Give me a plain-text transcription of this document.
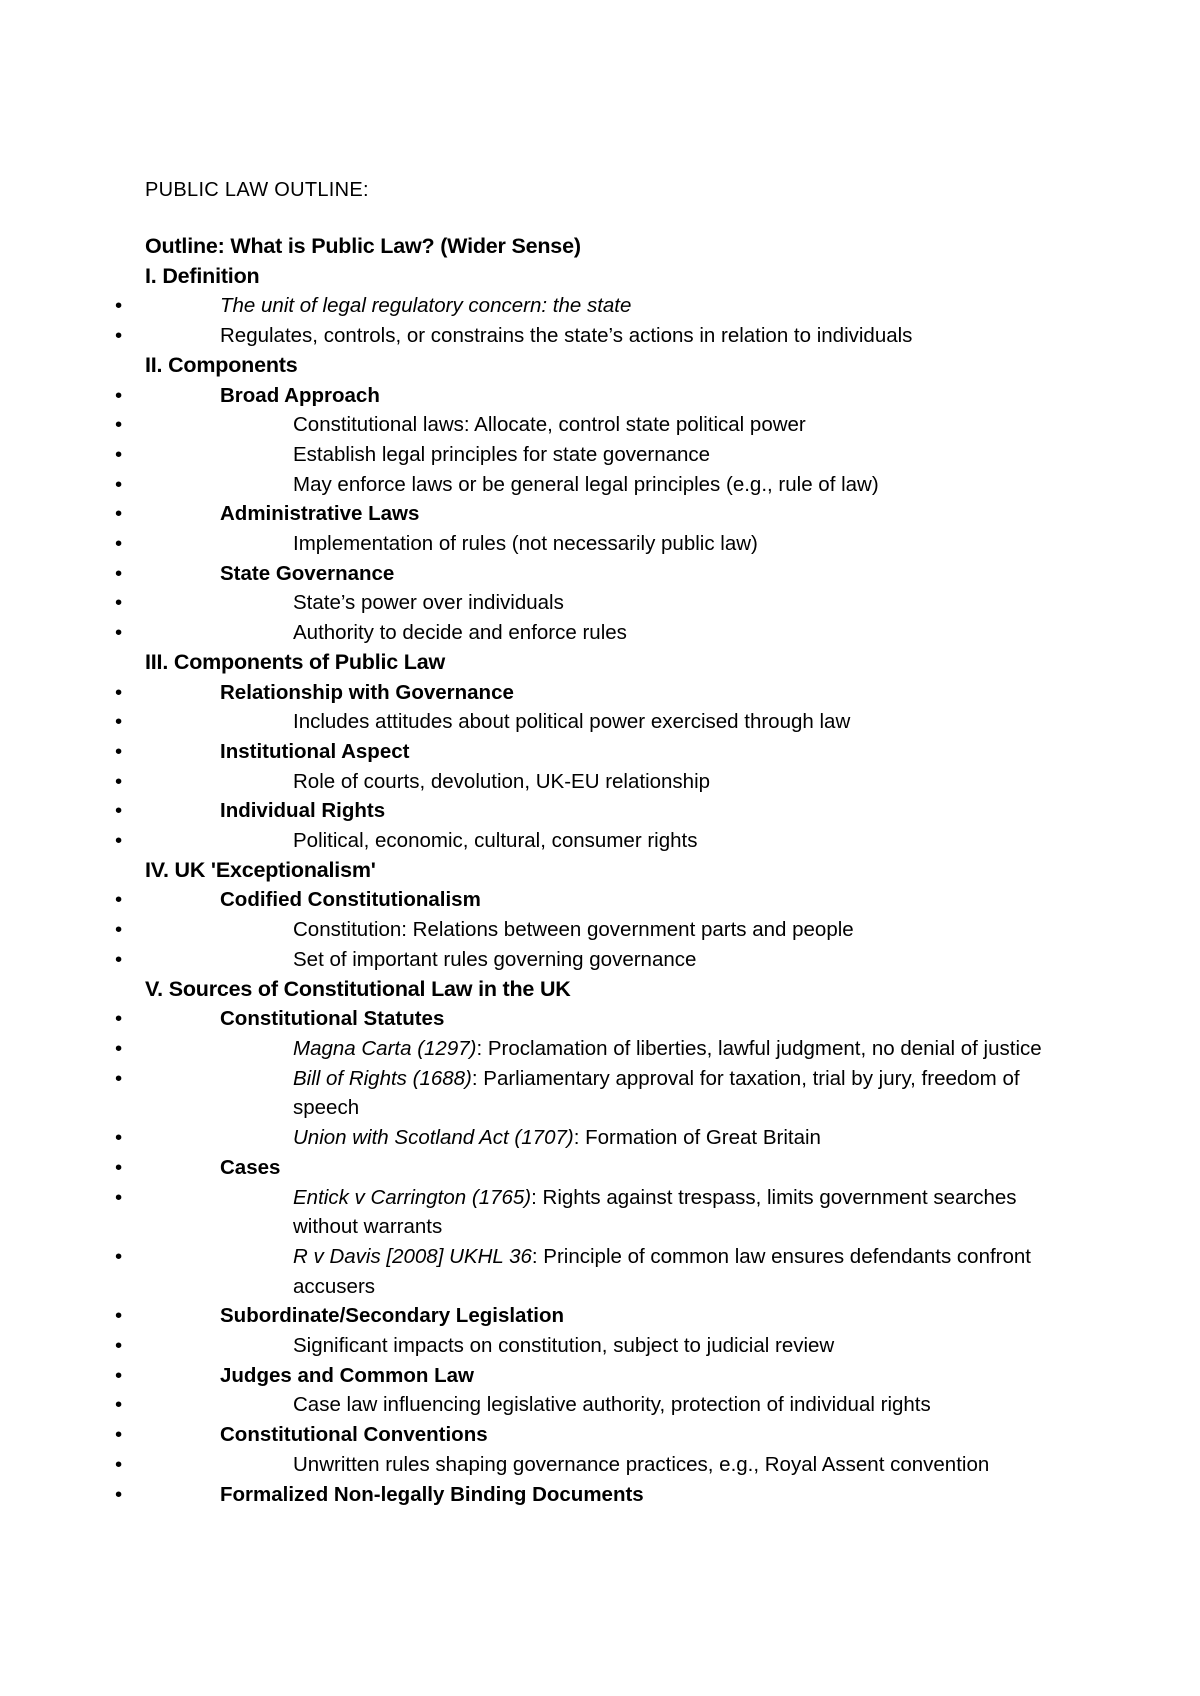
PUBLIC LAW OUTLINE:
Outline: What is Public Law? (Wider Sense)
I. Definition
• The unit of legal regulatory concern: the state
• Regulates, controls, or constrains the state’s actions in relation to individuals
II. Components
• Broad Approach
• Constitutional laws: Allocate, control state political power
• Establish legal principles for state governance
• May enforce laws or be general legal principles (e.g., rule of law)
• Administrative Laws
• Implementation of rules (not necessarily public law)
• State Governance
• State’s power over individuals
• Authority to decide and enforce rules
III. Components of Public Law
• Relationship with Governance
• Includes attitudes about political power exercised through law
• Institutional Aspect
• Role of courts, devolution, UK-EU relationship
• Individual Rights
• Political, economic, cultural, consumer rights
IV. UK 'Exceptionalism'
• Codified Constitutionalism
• Constitution: Relations between government parts and people
• Set of important rules governing governance
V. Sources of Constitutional Law in the UK
• Constitutional Statutes
• Magna Carta (1297): Proclamation of liberties, lawful judgment, no denial of justice
• Bill of Rights (1688): Parliamentary approval for taxation, trial by jury, freedom of speech
• Union with Scotland Act (1707): Formation of Great Britain
• Cases
• Entick v Carrington (1765): Rights against trespass, limits government searches without warrants
• R v Davis [2008] UKHL 36: Principle of common law ensures defendants confront accusers
• Subordinate/Secondary Legislation
• Significant impacts on constitution, subject to judicial review
• Judges and Common Law
• Case law influencing legislative authority, protection of individual rights
• Constitutional Conventions
• Unwritten rules shaping governance practices, e.g., Royal Assent convention
• Formalized Non-legally Binding Documents
